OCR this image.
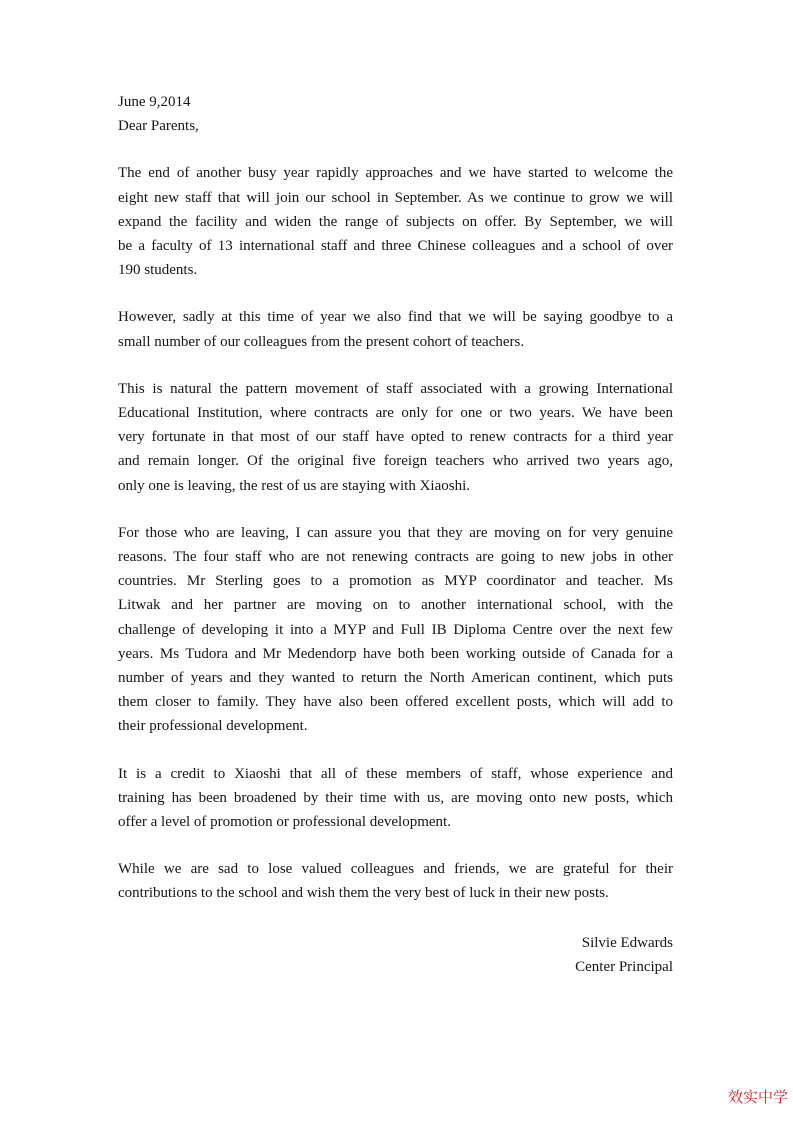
June 9,2014
Dear Parents,
The end of another busy year rapidly approaches and we have started to welcome the
eight new staff that will join our school in September. As we continue to grow we will
expand the facility and widen the range of subjects on offer. By September, we will
be a faculty of 13 international staff and three Chinese colleagues and a school of over
190 students.
However, sadly at this time of year we also find that we will be saying goodbye to a
small number of our colleagues from the present cohort of teachers.
This is natural the pattern movement of staff associated with a growing International
Educational Institution, where contracts are only for one or two years. We have been
very fortunate in that most of our staff have opted to renew contracts for a third year
and remain longer. Of the original five foreign teachers who arrived two years ago,
only one is leaving, the rest of us are staying with Xiaoshi.
For those who are leaving, I can assure you that they are moving on for very genuine
reasons. The four staff who are not renewing contracts are going to new jobs in other
countries. Mr Sterling goes to a promotion as MYP coordinator and teacher. Ms
Litwak and her partner are moving on to another international school, with the
challenge of developing it into a MYP and Full IB Diploma Centre over the next few
years. Ms Tudora and Mr Medendorp have both been working outside of Canada for a
number of years and they wanted to return the North American continent, which puts
them closer to family. They have also been offered excellent posts, which will add to
their professional development.
It is a credit to Xiaoshi that all of these members of staff, whose experience and
training has been broadened by their time with us, are moving onto new posts, which
offer a level of promotion or professional development.
While we are sad to lose valued colleagues and friends, we are grateful for their
contributions to the school and wish them the very best of luck in their new posts.
Silvie Edwards
Center Principal
效实中学
